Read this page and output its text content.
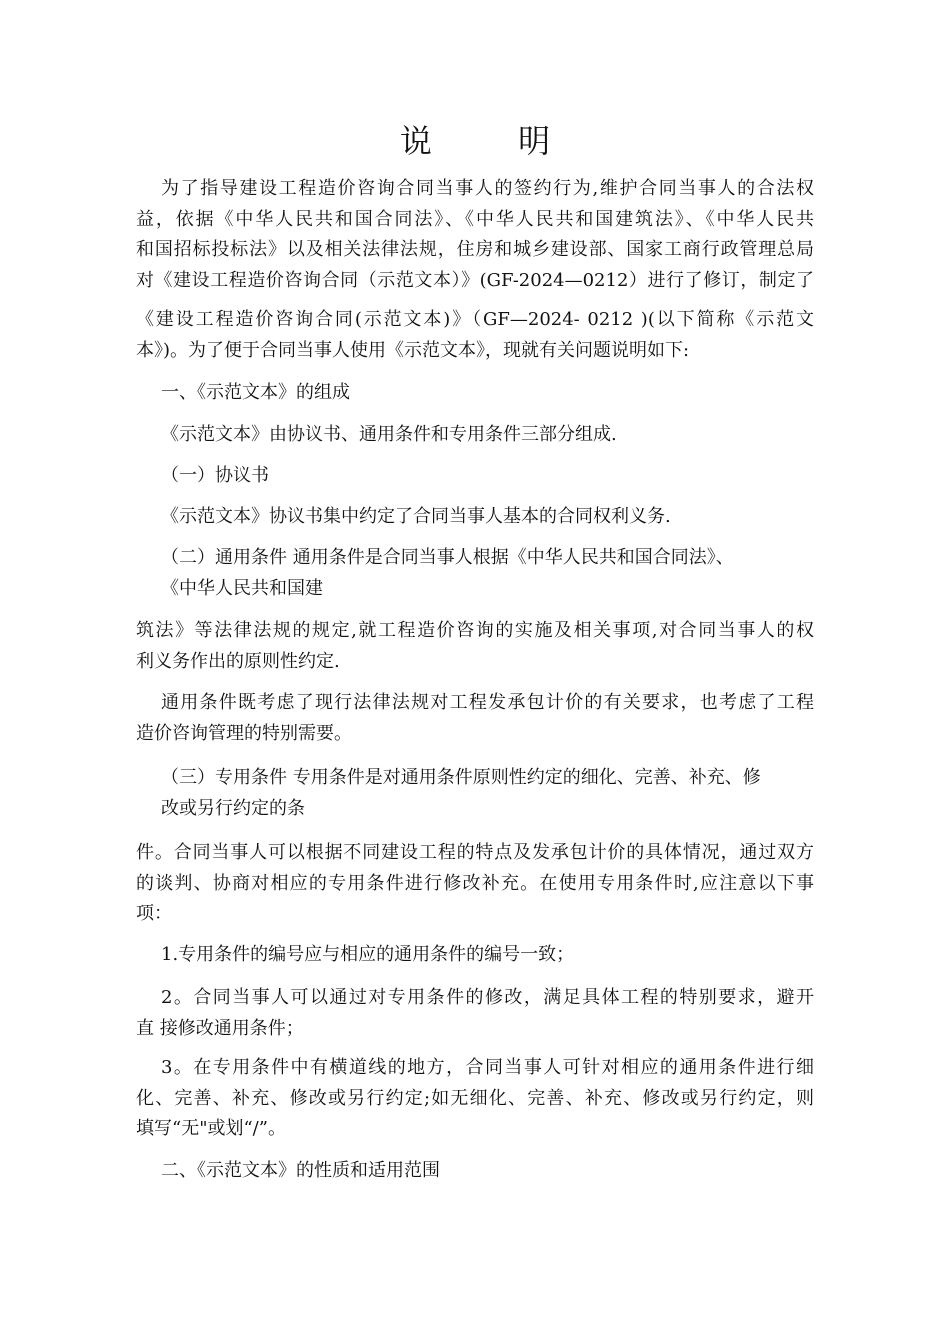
说 明

为了指导建设工程造价咨询合同当事人的签约行为,维护合同当事人的合法权
益，依据《中华人民共和国合同法》、《中华人民共和国建筑法》、《中华人民共
和国招标投标法》以及相关法律法规，住房和城乡建设部、国家工商行政管理总局
对《建设工程造价咨询合同（示范文本）》(GF-2024—0212）进行了修订，制定了

《建设工程造价咨询合同(示范文本)》（GF—2024- 0212 )(以下简称《示范文
本》)。为了便于合同当事人使用《示范文本》，现就有关问题说明如下:

一、《示范文本》的组成

《示范文本》由协议书、通用条件和专用条件三部分组成.

（一）协议书

《示范文本》协议书集中约定了合同当事人基本的合同权利义务.

（二）通用条件 通用条件是合同当事人根据《中华人民共和国合同法》、
《中华人民共和国建

筑法》等法律法规的规定,就工程造价咨询的实施及相关事项,对合同当事人的权
利义务作出的原则性约定.

通用条件既考虑了现行法律法规对工程发承包计价的有关要求，也考虑了工程
造价咨询管理的特别需要。

（三）专用条件 专用条件是对通用条件原则性约定的细化、完善、补充、修
改或另行约定的条

件。合同当事人可以根据不同建设工程的特点及发承包计价的具体情况，通过双方
的谈判、协商对相应的专用条件进行修改补充。在使用专用条件时,应注意以下事
项：

1.专用条件的编号应与相应的通用条件的编号一致；

2。合同当事人可以通过对专用条件的修改，满足具体工程的特别要求，避开
直 接修改通用条件；

3。在专用条件中有横道线的地方，合同当事人可针对相应的通用条件进行细
化、完善、补充、修改或另行约定;如无细化、完善、补充、修改或另行约定，则
填写“无"或划“/”。

二、《示范文本》的性质和适用范围
